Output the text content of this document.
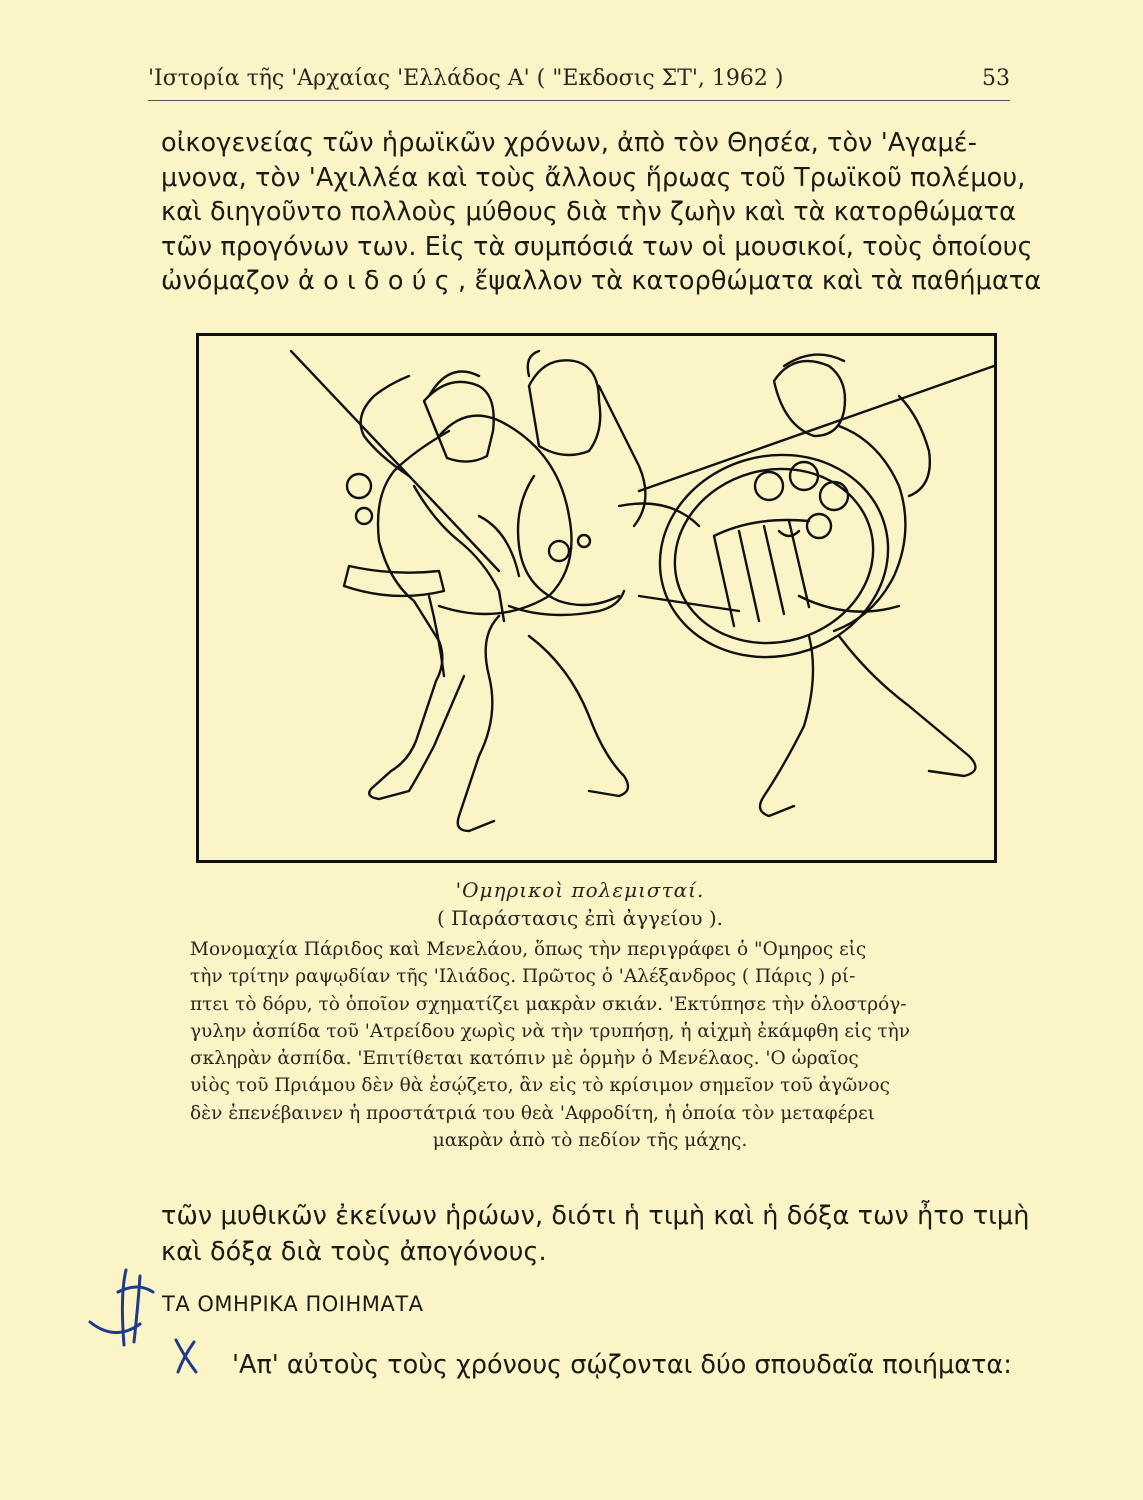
'Ιστορία τῆς 'Αρχαίας 'Ελλάδος Α' ( "Εκδοσις ΣΤ', 1962 )	53
οἰκογενείας τῶν ἡρωϊκῶν χρόνων, ἀπὸ τὸν Θησέα, τὸν 'Αγαμέ-
μνονα, τὸν 'Αχιλλέα καὶ τοὺς ἄλλους ἥρωας τοῦ Τρωϊκοῦ πολέμου,
καὶ διηγοῦντο πολλοὺς μύθους διὰ τὴν ζωὴν καὶ τὰ κατορθώματα
τῶν προγόνων των. Εἰς τὰ συμπόσιά των οἱ μουσικοί, τοὺς ὁποίους
ὠνόμαζον ἀ ο ι δ ο ύ ς , ἔψαλλον τὰ κατορθώματα καὶ τὰ παθήματα
'Ομηρικοὶ πολεμισταί.
( Παράστασις ἐπὶ ἀγγείου ).
Μονομαχία Πάριδος καὶ Μενελάου, ὅπως τὴν περιγράφει ὁ "Ομηρος εἰς
τὴν τρίτην ραψῳδίαν τῆς 'Ιλιάδος. Πρῶτος ὁ 'Αλέξανδρος ( Πάρις ) ρί-
πτει τὸ δόρυ, τὸ ὁποῖον σχηματίζει μακρὰν σκιάν. 'Εκτύπησε τὴν ὁλοστρόγ-
γυλην ἀσπίδα τοῦ 'Ατρείδου χωρὶς νὰ τὴν τρυπήσῃ, ἡ αἰχμὴ ἐκάμφθη εἰς τὴν
σκληρὰν ἀσπίδα. 'Επιτίθεται κατόπιν μὲ ὁρμὴν ὁ Μενέλαος. 'Ο ὡραῖος
υἱὸς τοῦ Πριάμου δὲν θὰ ἐσῴζετο, ἂν εἰς τὸ κρίσιμον σημεῖον τοῦ ἀγῶνος
δὲν ἐπενέβαινεν ἡ προστάτριά του θεὰ 'Αφροδίτη, ἡ ὁποία τὸν μεταφέρει
μακρὰν ἀπὸ τὸ πεδίον τῆς μάχης.
τῶν μυθικῶν ἐκείνων ἡρώων, διότι ἡ τιμὴ καὶ ἡ δόξα των ἦτο τιμὴ
καὶ δόξα διὰ τοὺς ἀπογόνους.
ΤΑ ΟΜΗΡΙΚΑ ΠΟΙΗΜΑΤΑ
'Απ' αὐτοὺς τοὺς χρόνους σῴζονται δύο σπουδαῖα ποιήματα:
